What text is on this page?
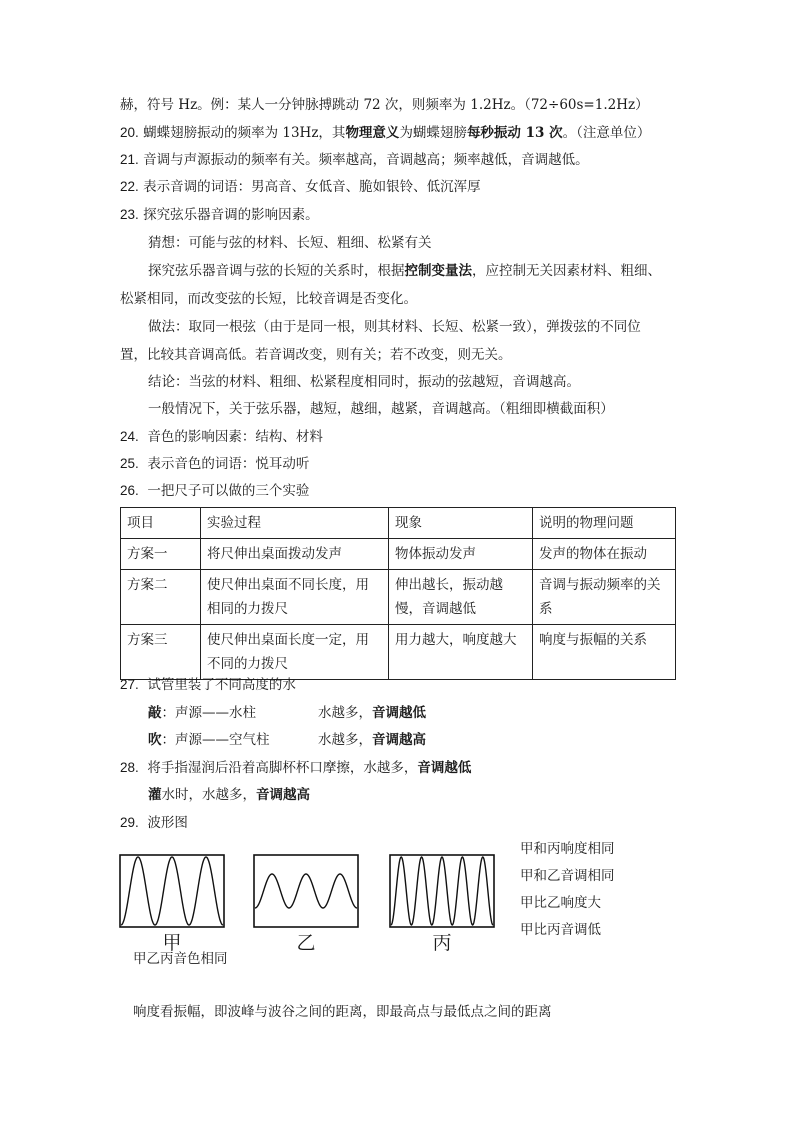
赫，符号 Hz。例：某人一分钟脉搏跳动 72 次，则频率为 1.2Hz。（72÷60s=1.2Hz）
20. 蝴蝶翅膀振动的频率为 13Hz，其物理意义为蝴蝶翅膀每秒振动 13 次。（注意单位）
21. 音调与声源振动的频率有关。频率越高，音调越高；频率越低，音调越低。
22. 表示音调的词语：男高音、女低音、脆如银铃、低沉浑厚
23. 探究弦乐器音调的影响因素。
猜想：可能与弦的材料、长短、粗细、松紧有关
探究弦乐器音调与弦的长短的关系时，根据控制变量法，应控制无关因素材料、粗细、
松紧相同，而改变弦的长短，比较音调是否变化。
做法：取同一根弦（由于是同一根，则其材料、长短、松紧一致），弹拨弦的不同位
置，比较其音调高低。若音调改变，则有关；若不改变，则无关。
结论：当弦的材料、粗细、松紧程度相同时，振动的弦越短，音调越高。
一般情况下，关于弦乐器，越短，越细，越紧，音调越高。（粗细即横截面积）
24. 音色的影响因素：结构、材料
25. 表示音色的词语：悦耳动听
26. 一把尺子可以做的三个实验
项目	实验过程	现象	说明的物理问题
方案一	将尺伸出桌面拨动发声	物体振动发声	发声的物体在振动
方案二	使尺伸出桌面不同长度，用相同的力拨尺	伸出越长，振动越慢，音调越低	音调与振动频率的关系
方案三	使尺伸出桌面长度一定，用不同的力拨尺	用力越大，响度越大	响度与振幅的关系
27. 试管里装了不同高度的水
敲：声源——水柱	水越多，音调越低
吹：声源——空气柱	水越多，音调越高
28. 将手指湿润后沿着高脚杯杯口摩擦，水越多，音调越低
灌水时，水越多，音调越高
29. 波形图
甲	乙	丙
甲和丙响度相同
甲和乙音调相同
甲比乙响度大
甲比丙音调低
甲乙丙音色相同
响度看振幅，即波峰与波谷之间的距离，即最高点与最低点之间的距离
